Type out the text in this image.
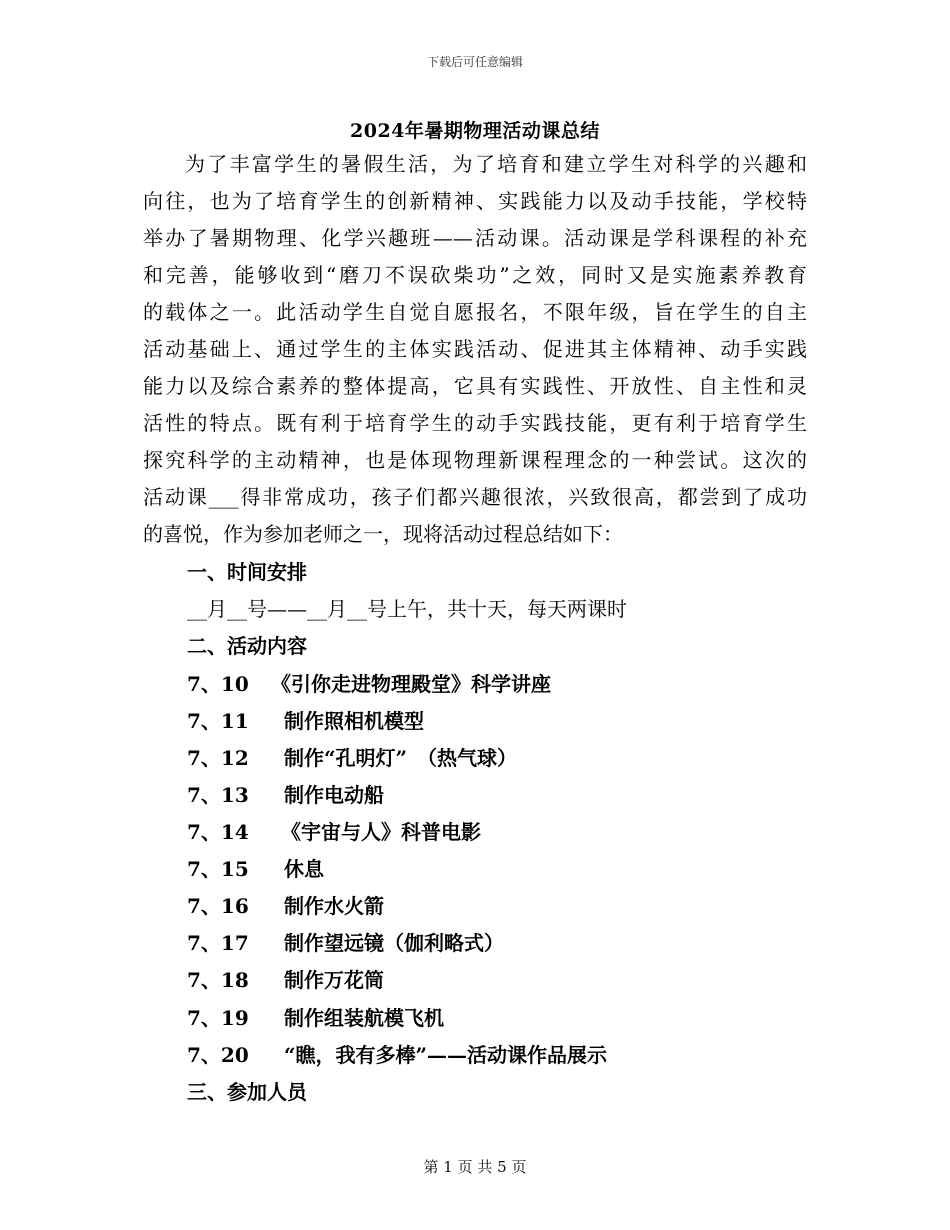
下载后可任意编辑
2024年暑期物理活动课总结
为了丰富学生的暑假生活，为了培育和建立学生对科学的兴趣和
向往，也为了培育学生的创新精神、实践能力以及动手技能，学校特
举办了暑期物理、化学兴趣班——活动课。活动课是学科课程的补充
和完善，能够收到“磨刀不误砍柴功”之效，同时又是实施素养教育
的载体之一。此活动学生自觉自愿报名，不限年级，旨在学生的自主
活动基础上、通过学生的主体实践活动、促进其主体精神、动手实践
能力以及综合素养的整体提高，它具有实践性、开放性、自主性和灵
活性的特点。既有利于培育学生的动手实践技能，更有利于培育学生
探究科学的主动精神，也是体现物理新课程理念的一种尝试。这次的
活动课___得非常成功，孩子们都兴趣很浓，兴致很高，都尝到了成功
的喜悦，作为参加老师之一，现将活动过程总结如下：
一、时间安排
__月__号——__月__号上午，共十天，每天两课时
二、活动内容
7、10	《引你走进物理殿堂》科学讲座
7、11	制作照相机模型
7、12	制作“孔明灯”　（热气球）
7、13	制作电动船
7、14	《宇宙与人》科普电影
7、15	休息
7、16	制作水火箭
7、17	制作望远镜（伽利略式）
7、18	制作万花筒
7、19	制作组装航模飞机
7、20	“瞧，我有多棒”——活动课作品展示
三、参加人员
第 1 页 共 5 页
